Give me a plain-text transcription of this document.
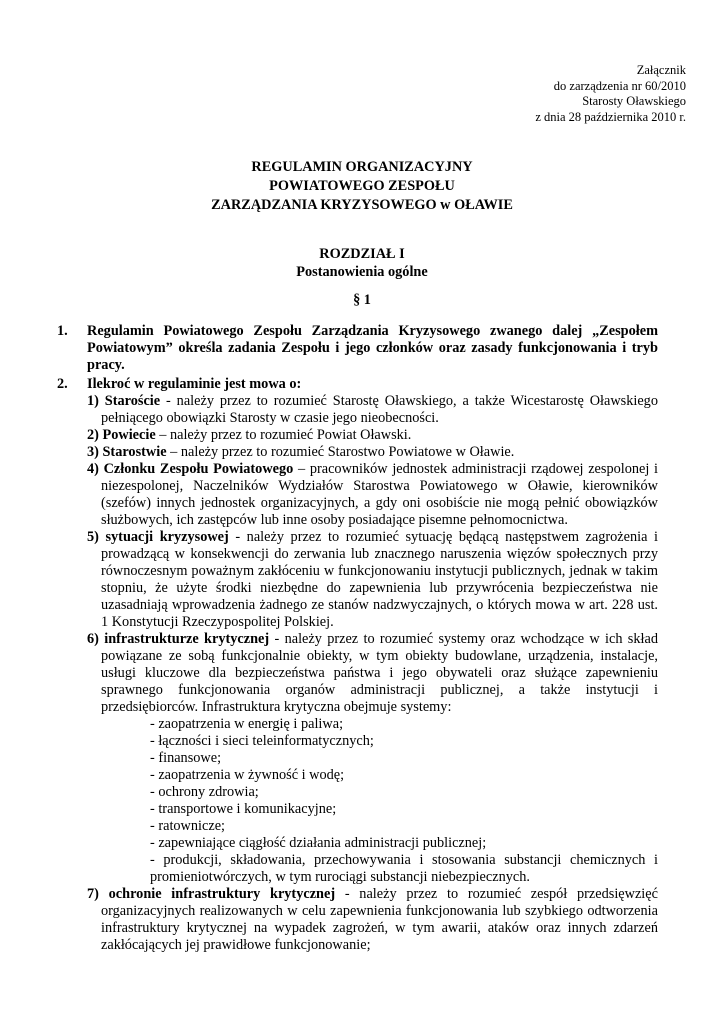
Załącznik
do zarządzenia nr 60/2010
Starosty Oławskiego
z dnia 28 października 2010 r.
REGULAMIN ORGANIZACYJNY
POWIATOWEGO ZESPOŁU
ZARZĄDZANIA KRYZYSOWEGO w OŁAWIE
ROZDZIAŁ I
Postanowienia ogólne
§ 1
1. Regulamin Powiatowego Zespołu Zarządzania Kryzysowego zwanego dalej „Zespołem Powiatowym” określa zadania Zespołu i jego członków oraz zasady funkcjonowania i tryb pracy.
2. Ilekroć w regulaminie jest mowa o:
1) Staroście - należy przez to rozumieć Starostę Oławskiego, a także Wicestarostę Oławskiego pełniącego obowiązki Starosty w czasie jego nieobecności.
2) Powiecie – należy przez to rozumieć Powiat Oławski.
3) Starostwie – należy przez to rozumieć Starostwo Powiatowe w Oławie.
4) Członku Zespołu Powiatowego – pracowników jednostek administracji rządowej zespolonej i niezespolonej, Naczelników Wydziałów Starostwa Powiatowego w Oławie, kierowników (szefów) innych jednostek organizacyjnych, a gdy oni osobiście nie mogą pełnić obowiązków służbowych, ich zastępców lub inne osoby posiadające pisemne pełnomocnictwa.
5) sytuacji kryzysowej - należy przez to rozumieć sytuację będącą następstwem zagrożenia i prowadzącą w konsekwencji do zerwania lub znacznego naruszenia więzów społecznych przy równoczesnym poważnym zakłóceniu w funkcjonowaniu instytucji publicznych, jednak w takim stopniu, że użyte środki niezbędne do zapewnienia lub przywrócenia bezpieczeństwa nie uzasadniają wprowadzenia żadnego ze stanów nadzwyczajnych, o których mowa w art. 228 ust. 1 Konstytucji Rzeczypospolitej Polskiej.
6) infrastrukturze krytycznej - należy przez to rozumieć systemy oraz wchodzące w ich skład powiązane ze sobą funkcjonalnie obiekty, w tym obiekty budowlane, urządzenia, instalacje, usługi kluczowe dla bezpieczeństwa państwa i jego obywateli oraz służące zapewnieniu sprawnego funkcjonowania organów administracji publicznej, a także instytucji i przedsiębiorców. Infrastruktura krytyczna obejmuje systemy:
- zaopatrzenia w energię i paliwa;
- łączności i sieci teleinformatycznych;
- finansowe;
- zaopatrzenia w żywność i wodę;
- ochrony zdrowia;
- transportowe i komunikacyjne;
- ratownicze;
- zapewniające ciągłość działania administracji publicznej;
- produkcji, składowania, przechowywania i stosowania substancji chemicznych i promieniotwórczych, w tym rurociągi substancji niebezpiecznych.
7) ochronie infrastruktury krytycznej - należy przez to rozumieć zespół przedsięwzięć organizacyjnych realizowanych w celu zapewnienia funkcjonowania lub szybkiego odtworzenia infrastruktury krytycznej na wypadek zagrożeń, w tym awarii, ataków oraz innych zdarzeń zakłócających jej prawidłowe funkcjonowanie;
